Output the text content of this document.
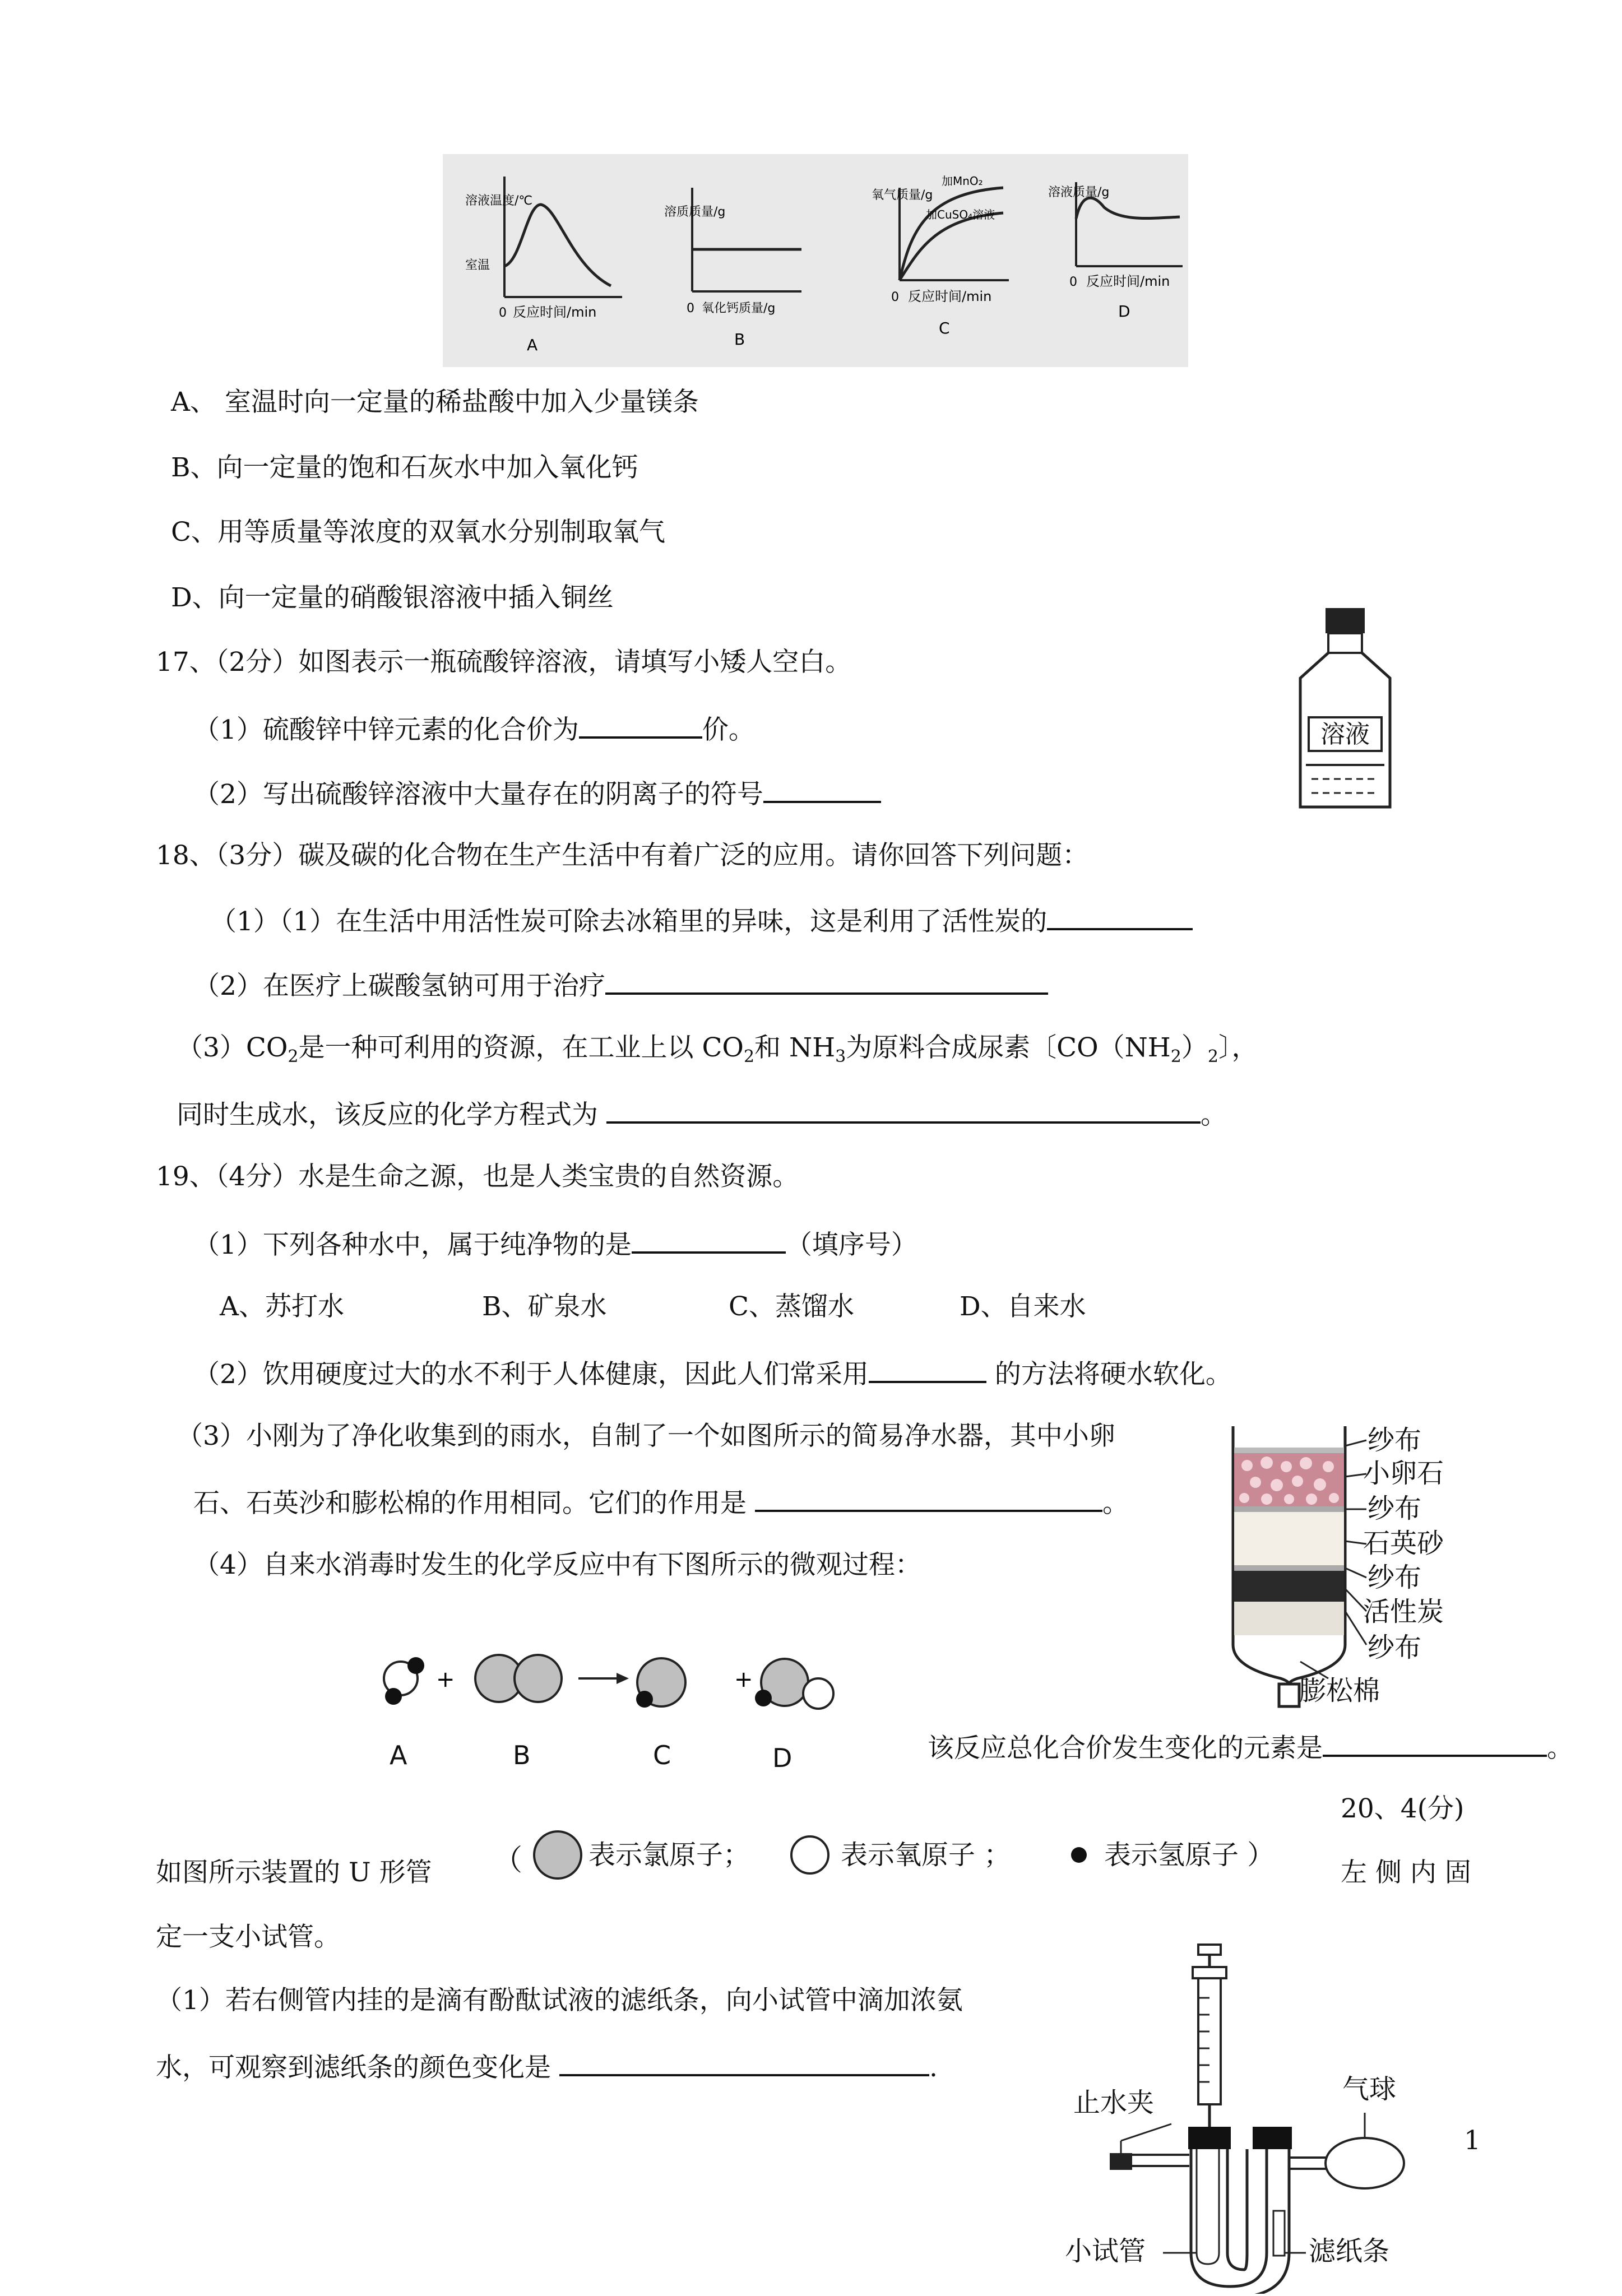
溶液温度/℃
室温
0 反应时间/min
A
溶质质量/g
0 氧化钙质量/g
B
氧气质量/g
加MnO₂
加CuSO₄溶液
0 反应时间/min
C
溶液质量/g
0 反应时间/min
D
A、 室温时向一定量的稀盐酸中加入少量镁条
B、向一定量的饱和石灰水中加入氧化钙
C、用等质量等浓度的双氧水分别制取氧气
D、向一定量的硝酸银溶液中插入铜丝
17、（2分）如图表示一瓶硫酸锌溶液，请填写小矮人空白。
（1）硫酸锌中锌元素的化合价为	价。
（2）写出硫酸锌溶液中大量存在的阴离子的符号
溶液
18、（3分）碳及碳的化合物在生产生活中有着广泛的应用。请你回答下列问题：
（1）（1）在生活中用活性炭可除去冰箱里的异味，这是利用了活性炭的
（2）在医疗上碳酸氢钠可用于治疗
$(3)CO_2$是一种可利用的资源，在工业上以 $CO_2$和 $NH_3$为原料合成尿素〔$CO(NH_2)_2$〕，
同时生成水，该反应的化学方程式为	。
19、（4分）水是生命之源，也是人类宝贵的自然资源。
（1）下列各种水中，属于纯净物的是	（填序号）
A、苏打水	B、矿泉水	C、蒸馏水	D、自来水
（2）饮用硬度过大的水不利于人体健康，因此人们常采用	的方法将硬水软化。
（3）小刚为了净化收集到的雨水，自制了一个如图所示的简易净水器，其中小卵
石、石英沙和膨松棉的作用相同。它们的作用是	。
（4）自来水消毒时发生的化学反应中有下图所示的微观过程：
纱布
小卵石
纱布
石英砂
纱布
活性炭
纱布
膨松棉
+	+
A	B	C	D	该反应总化合价发生变化的元素是	。
20、4(分)
如图所示装置的 U 形管 （ 表示氯原子；	表示氧原子 ；	表示氢原子 ）
左 侧 内 固
定一支小试管。
（1）若右侧管内挂的是滴有酚酞试液的滤纸条，向小试管中滴加浓氨
水，可观察到滤纸条的颜色变化是	.
1
止水夹	气球
小试管	滤纸条
